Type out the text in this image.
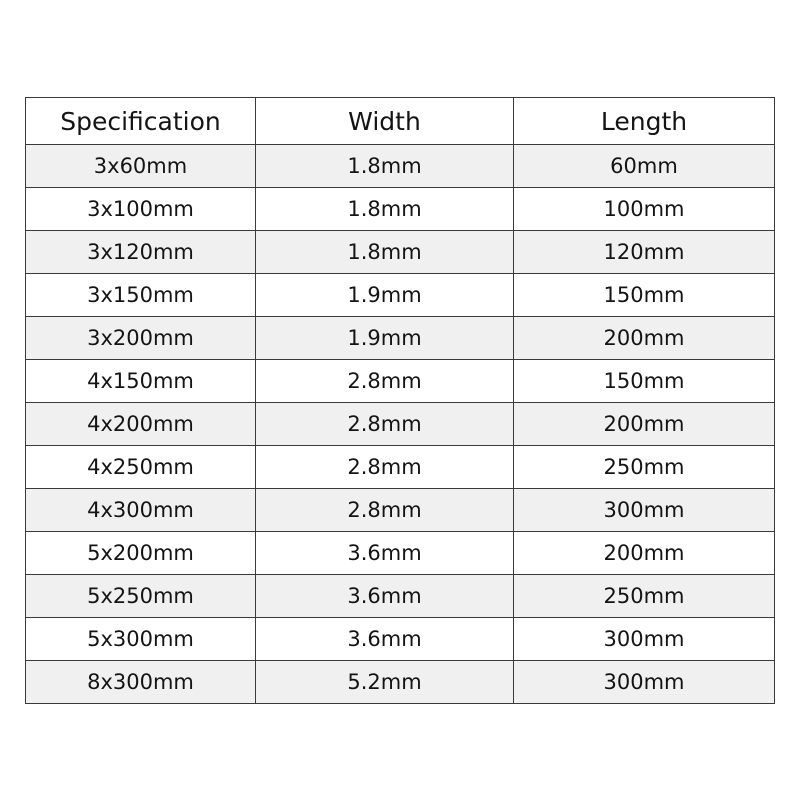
Specification	Width	Length
3x60mm	1.8mm	60mm
3x100mm	1.8mm	100mm
3x120mm	1.8mm	120mm
3x150mm	1.9mm	150mm
3x200mm	1.9mm	200mm
4x150mm	2.8mm	150mm
4x200mm	2.8mm	200mm
4x250mm	2.8mm	250mm
4x300mm	2.8mm	300mm
5x200mm	3.6mm	200mm
5x250mm	3.6mm	250mm
5x300mm	3.6mm	300mm
8x300mm	5.2mm	300mm
